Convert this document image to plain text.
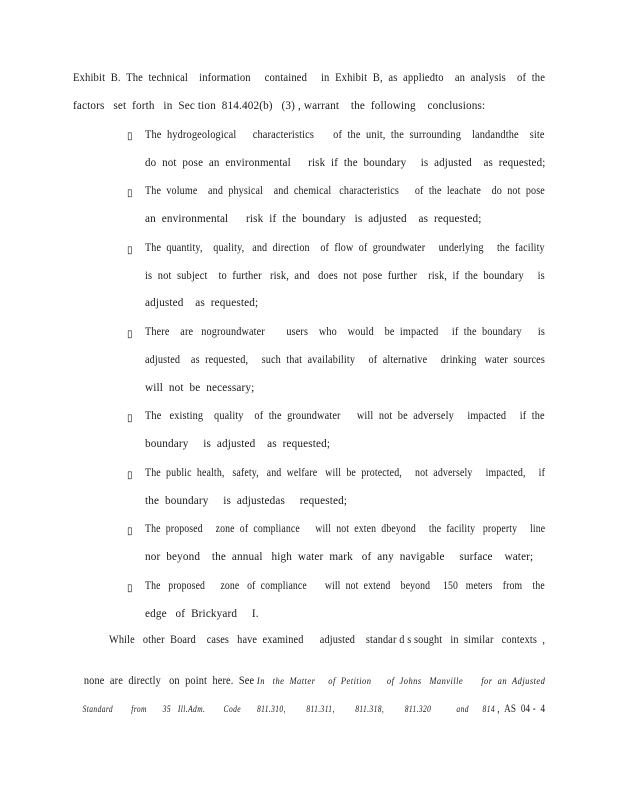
Exhibit  B.  The  technical    information     contained     in  Exhibit  B,  as  appliedto    an  analysis    of  the
factors   set  forth   in  Sec tion  814.402(b)   (3) , warrant    the  following    conclusions:
▯ The  hydrogeological      characteristics       of  the  unit,  the  surrounding    landandthe    site
do  not  pose  an  environmental      risk  if  the  boundary     is  adjusted    as  requested;
▯ The  volume    and  physical    and  chemical   characteristics      of  the  leachate    do  not  pose
an  environmental      risk  if  the  boundary   is  adjusted    as  requested;
▯ The  quantity,    quality,   and  direction    of  flow  of  groundwater     underlying     the  facility
is  not  subject    to  further   risk,  and   does  not  pose  further    risk,  if  the  boundary     is
adjusted    as  requested;
▯ There    are   nogroundwater        users    who    would    be  impacted     if  the  boundary      is
adjusted    as  requested,     such  that  availability     of  alternative     drinking   water  sources
will  not  be  necessary;
▯ The   existing    quality    of  the  groundwater      will  not  be  adversely     impacted     if  the
boundary     is  adjusted    as  requested;
▯ The  public  health,   safety,   and  welfare   will  be  protected,     not  adversely     impacted,     if
the  boundary     is  adjustedas     requested;
▯ The  proposed     zone  of  compliance      will  not  exten  dbeyond     the  facility   property     line
nor  beyond    the  annual   high  water  mark   of  any  navigable     surface    water;
▯ The   proposed      zone   of  compliance       will  not  extend    beyond     150   meters    from    the
edge   of  Brickyard     I.
While   other  Board    cases   have  examined      adjusted    standar d s sought   in  similar   contexts  ,

none  are  directly   on  point  here.  See In   the  Matter     of  Petition      of  Johns   Manville       for  an  Adjusted

Standard        from       35   Ill.Adm.        Code       811.310,         811.311,         811.318,         811.320           and      814 ,  AS  04 -  4
